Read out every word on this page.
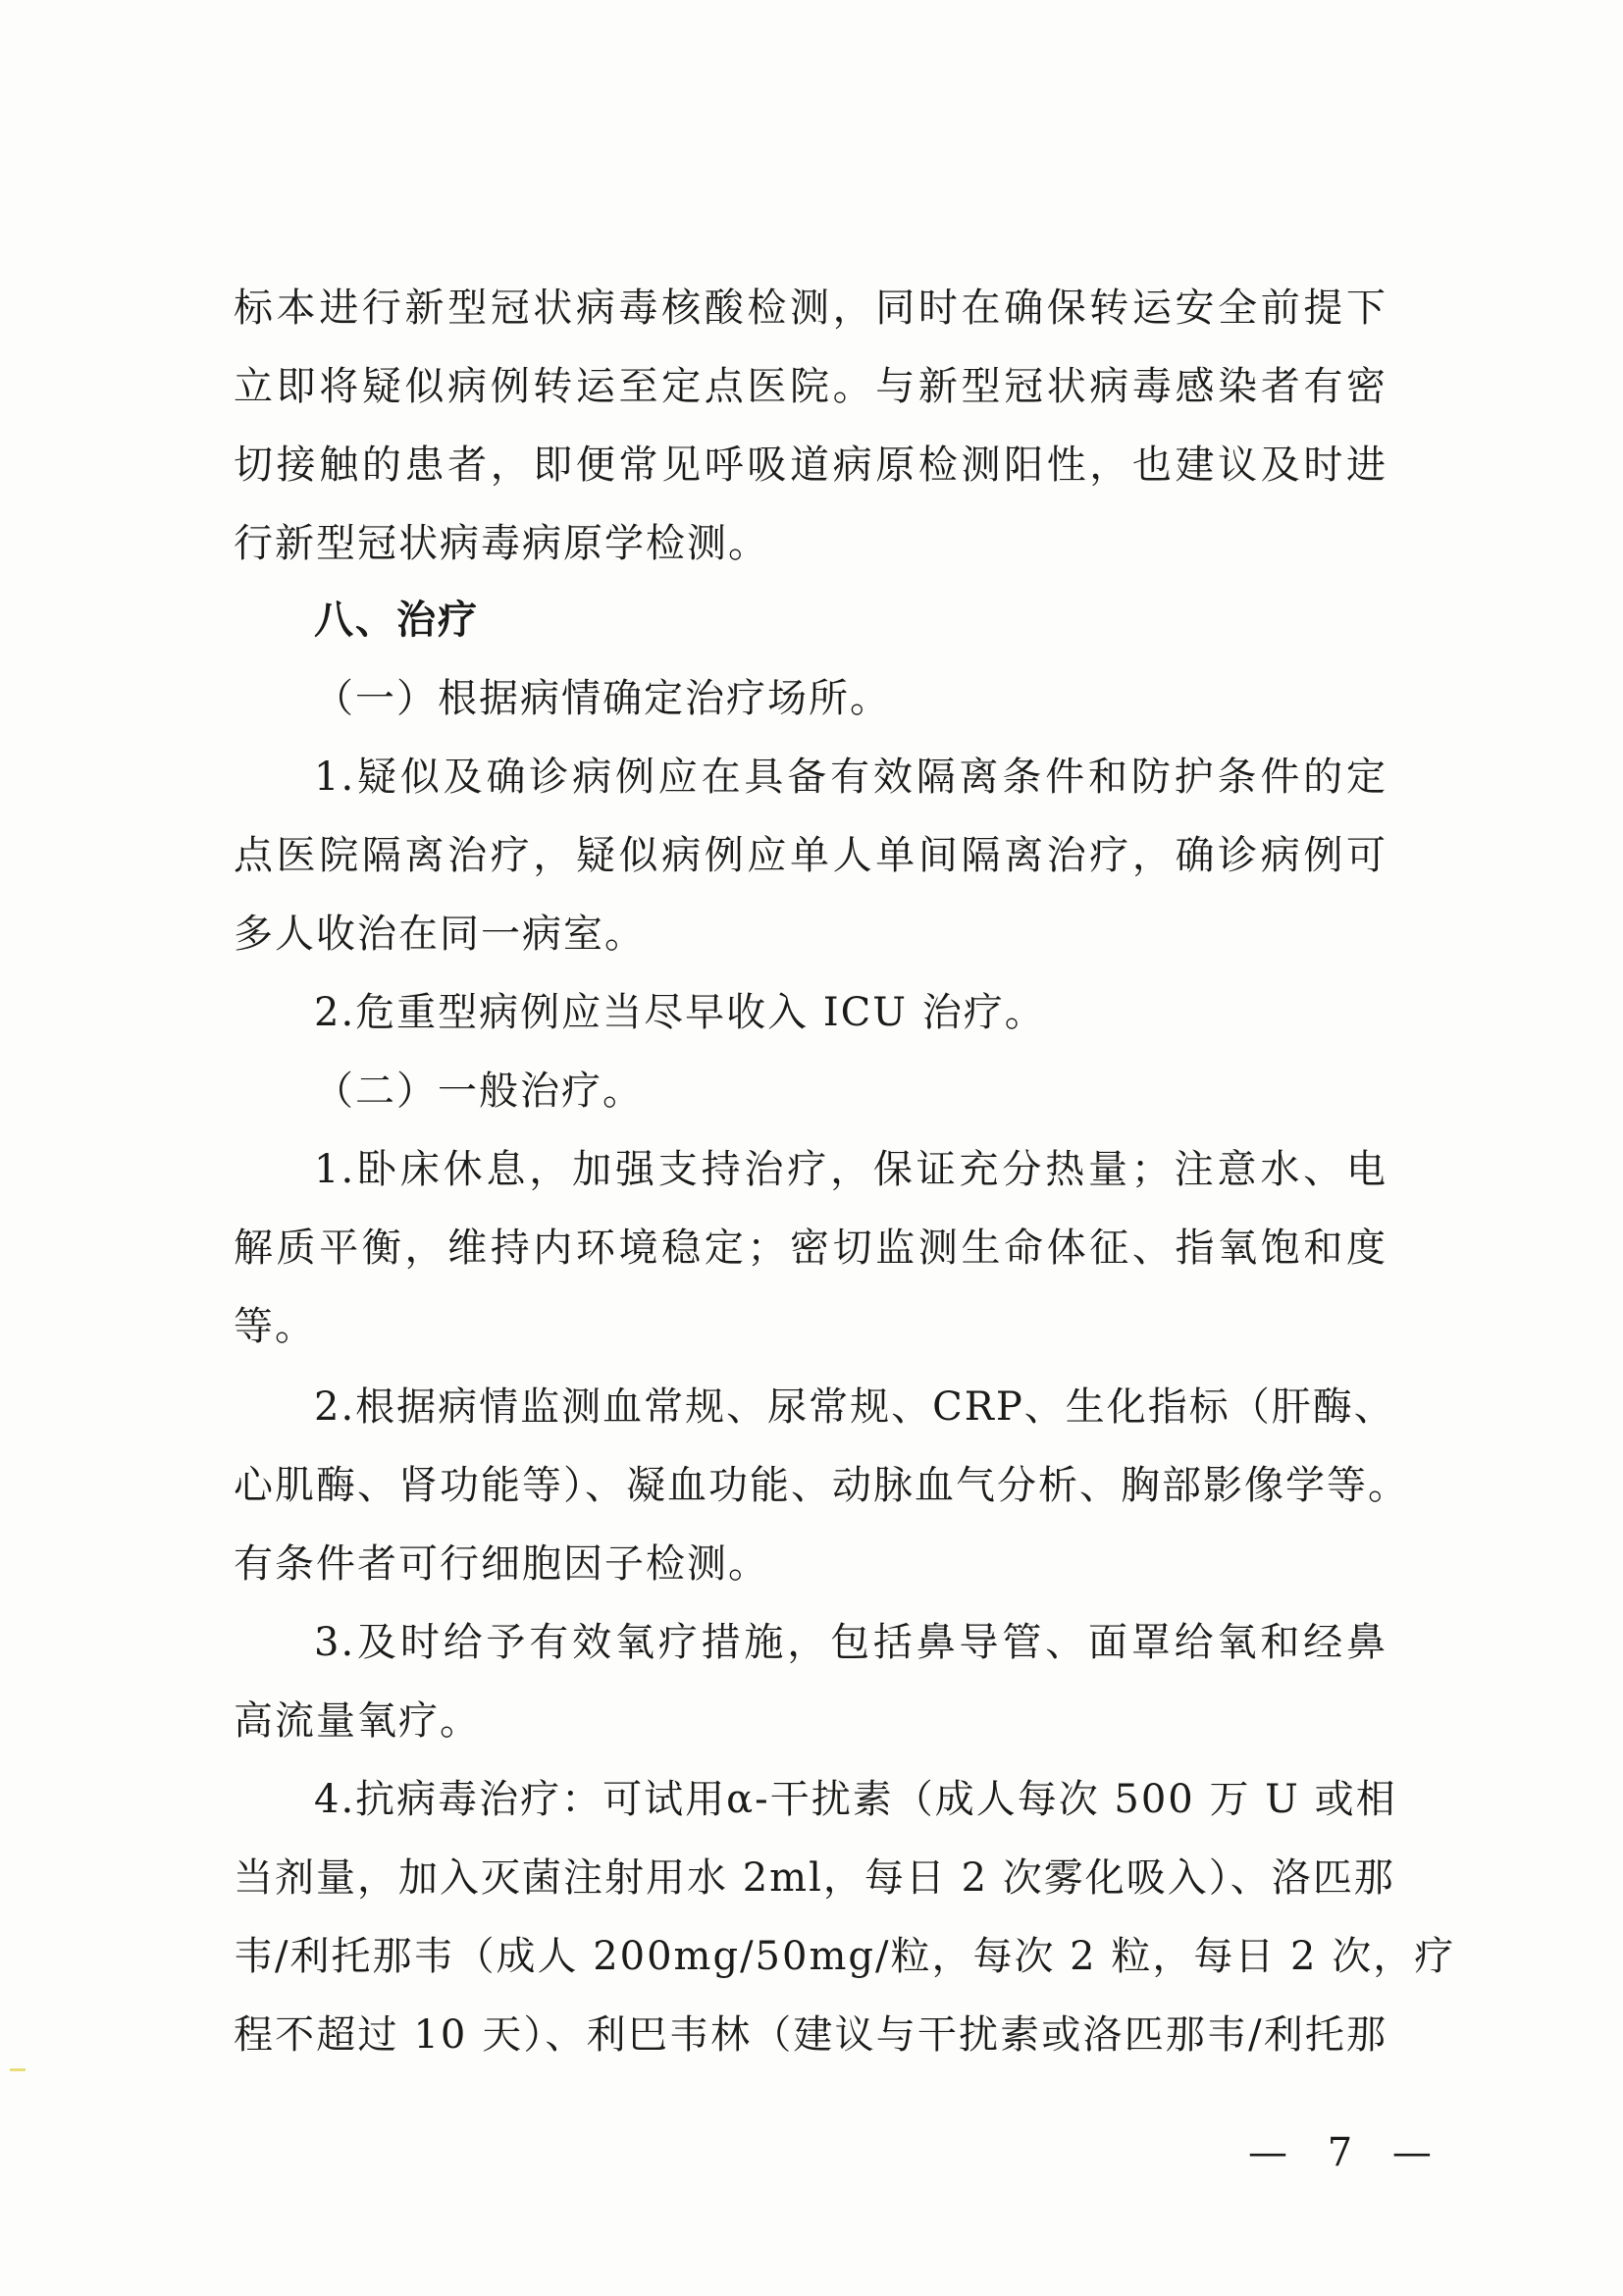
标本进行新型冠状病毒核酸检测，同时在确保转运安全前提下
立即将疑似病例转运至定点医院。与新型冠状病毒感染者有密
切接触的患者，即便常见呼吸道病原检测阳性，也建议及时进
行新型冠状病毒病原学检测。
八、治疗
（一）根据病情确定治疗场所。
1.疑似及确诊病例应在具备有效隔离条件和防护条件的定
点医院隔离治疗，疑似病例应单人单间隔离治疗，确诊病例可
多人收治在同一病室。
2.危重型病例应当尽早收入 ICU 治疗。
（二）一般治疗。
1.卧床休息，加强支持治疗，保证充分热量；注意水、电
解质平衡，维持内环境稳定；密切监测生命体征、指氧饱和度
等。
2.根据病情监测血常规、尿常规、CRP、生化指标（肝酶、
心肌酶、肾功能等）、凝血功能、动脉血气分析、胸部影像学等。
有条件者可行细胞因子检测。
3.及时给予有效氧疗措施，包括鼻导管、面罩给氧和经鼻
高流量氧疗。
4.抗病毒治疗：可试用α-干扰素（成人每次 500 万 U 或相
当剂量，加入灭菌注射用水 2ml，每日 2 次雾化吸入）、洛匹那
韦/利托那韦（成人 200mg/50mg/粒，每次 2 粒，每日 2 次，疗
程不超过 10 天）、利巴韦林（建议与干扰素或洛匹那韦/利托那
— 7 —
